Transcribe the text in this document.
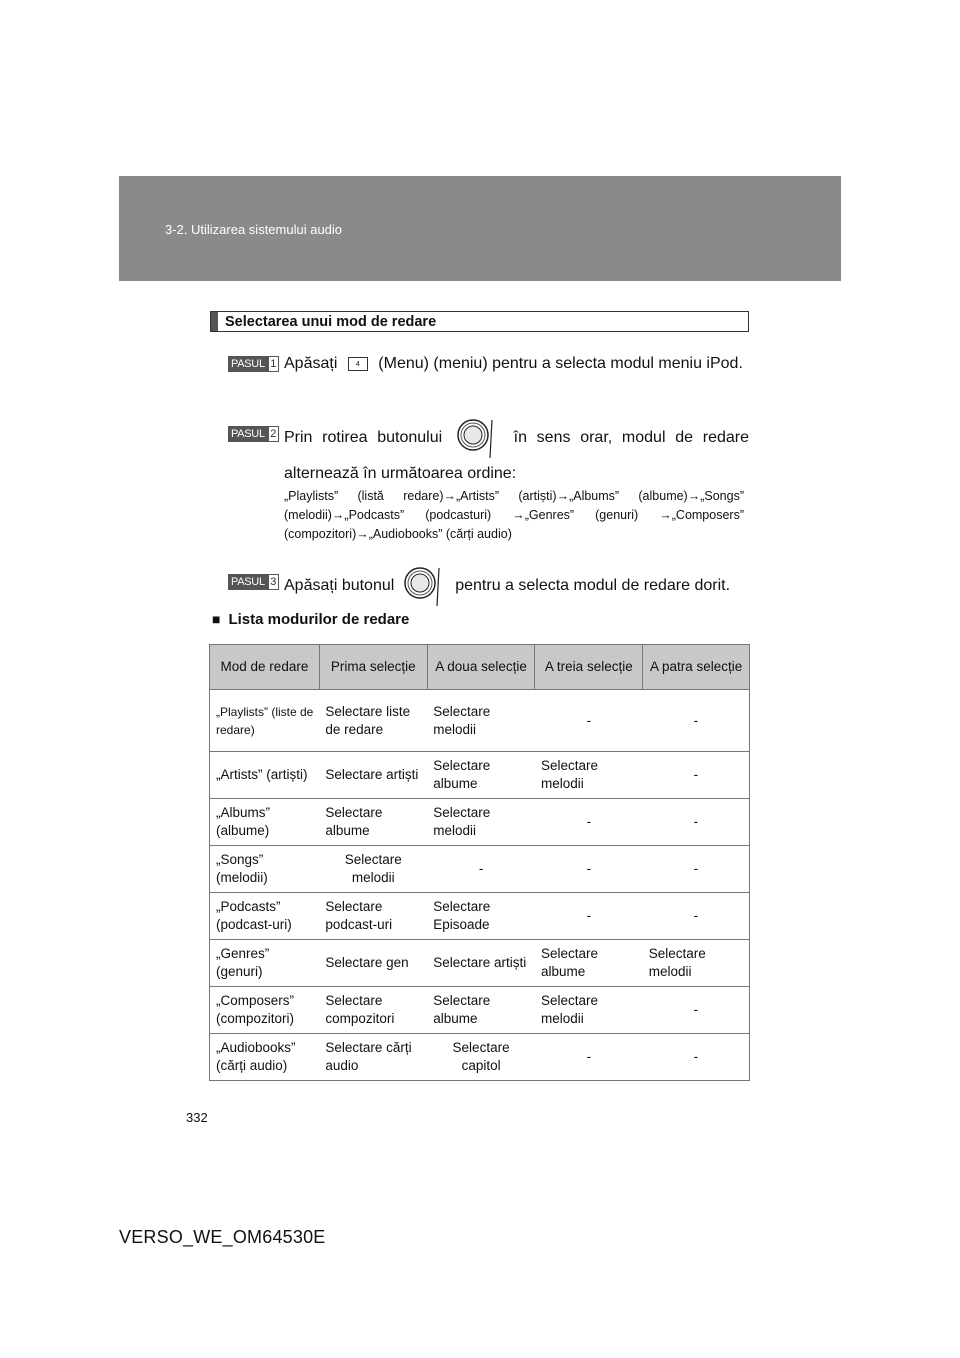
3-2. Utilizarea sistemului audio
Selectarea unui mod de redare
PASUL 1 Apăsați	4 (Menu) (meniu) pentru a selecta modul meniu iPod.
PASUL 2 Prin rotirea butonului	în sens orar, modul de redare alternează în următoarea ordine:
„Playlists” (listă redare)→„Artists” (artiști)→„Albums” (albume)→„Songs” (melodii)→„Podcasts” (podcasturi) →„Genres” (genuri) →„Composers” (compozitori)→„Audiobooks” (cărți audio)
PASUL 3 Apăsați butonul	pentru a selecta modul de redare dorit.
■ Lista modurilor de redare
Mod de redare	Prima selecție	A doua selecție	A treia selecție	A patra selecție
„Playlists” (liste de redare)	Selectare liste de redare	Selectare melodii	-	-
„Artists” (artiști)	Selectare artiști	Selectare albume	Selectare melodii	-
„Albums” (albume)	Selectare albume	Selectare melodii	-	-
„Songs” (melodii)	Selectare melodii	-	-	-
„Podcasts” (podcast-uri)	Selectare podcast-uri	Selectare Episoade	-	-
„Genres” (genuri)	Selectare gen	Selectare artiști	Selectare albume	Selectare melodii
„Composers” (compozitori)	Selectare compozitori	Selectare albume	Selectare melodii	-
„Audiobooks” (cărți audio)	Selectare cărți audio	Selectare capitol	-	-
332
VERSO_WE_OM64530E
